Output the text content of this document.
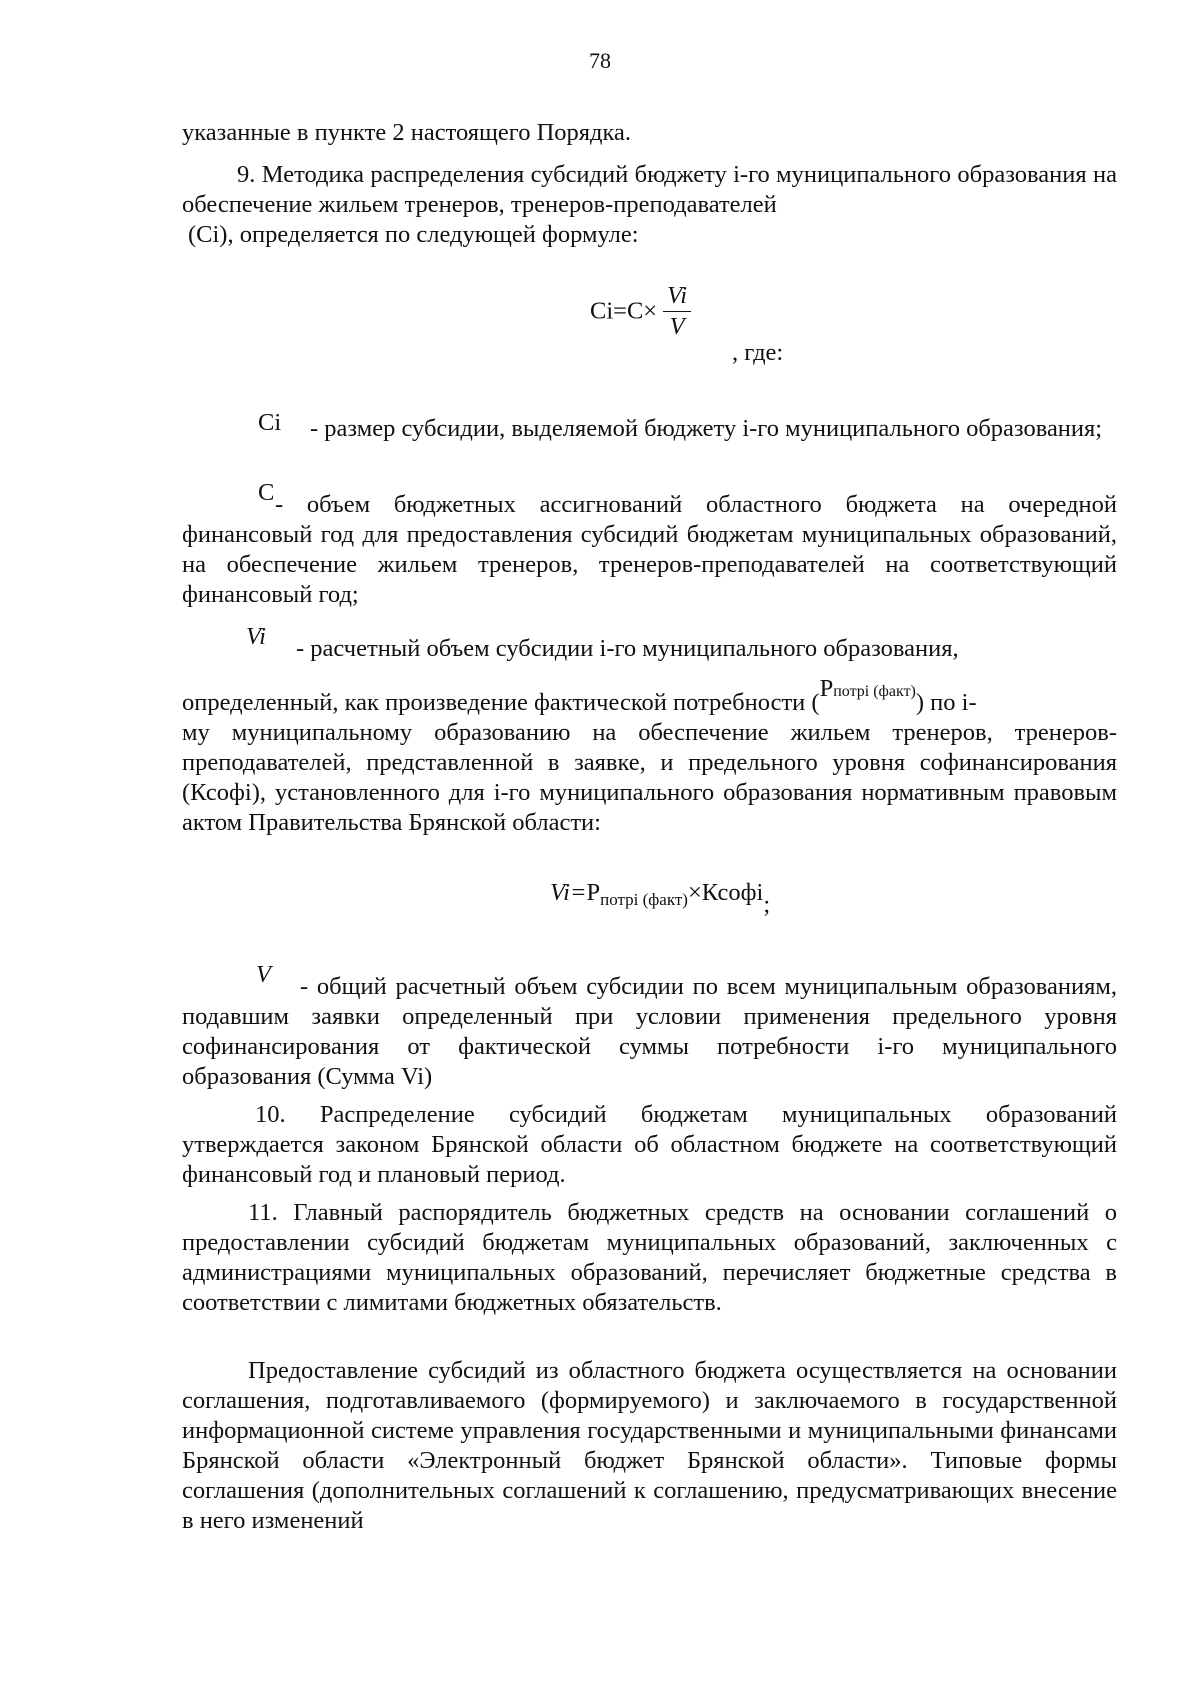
78

указанные в пункте 2 настоящего Порядка.

9. Методика распределения субсидий бюджету i-го муниципального образования на обеспечение жильем тренеров, тренеров-преподавателей

(Ci), определяется по следующей формуле:

$Ci=С\times \frac{Vi}{V}$
, где:
Ci	- размер субсидии, выделяемой бюджету i-го муниципального образования;

C - объем бюджетных ассигнований областного бюджета на очередной финансовый год для предоставления субсидий бюджетам муниципальных образований, на обеспечение жильем тренеров, тренеров-преподавателей на соответствующий финансовый год;

Vi	- расчетный объем субсидии i-го муниципального образования,

определенный, как произведение фактической потребности $(P^{потрi (факт)})$ по i-

му муниципальному образованию на обеспечение жильем тренеров, тренеров-преподавателей, представленной в заявке, и предельного уровня софинансирования (Ксофi), установленного для i-го муниципального образования нормативным правовым актом Правительства Брянской области:

$Vi=P_{потрi (факт)}\times Ксофi$;
V	- общий расчетный объем субсидии по всем муниципальным образованиям, подавшим заявки определенный при условии применения предельного уровня софинансирования от фактической суммы потребности i-го муниципального образования (Сумма Vi)

10. Распределение субсидий бюджетам муниципальных образований утверждается законом Брянской области об областном бюджете на соответствующий финансовый год и плановый период.

11. Главный распорядитель бюджетных средств на основании соглашений о предоставлении субсидий бюджетам муниципальных образований, заключенных с администрациями муниципальных образований, перечисляет бюджетные средства в соответствии с лимитами бюджетных обязательств.

Предоставление субсидий из областного бюджета осуществляется на основании соглашения, подготавливаемого (формируемого) и заключаемого в государственной информационной системе управления государственными и муниципальными финансами Брянской области «Электронный бюджет Брянской области». Типовые формы соглашения (дополнительных соглашений к соглашению, предусматривающих внесение в него изменений
